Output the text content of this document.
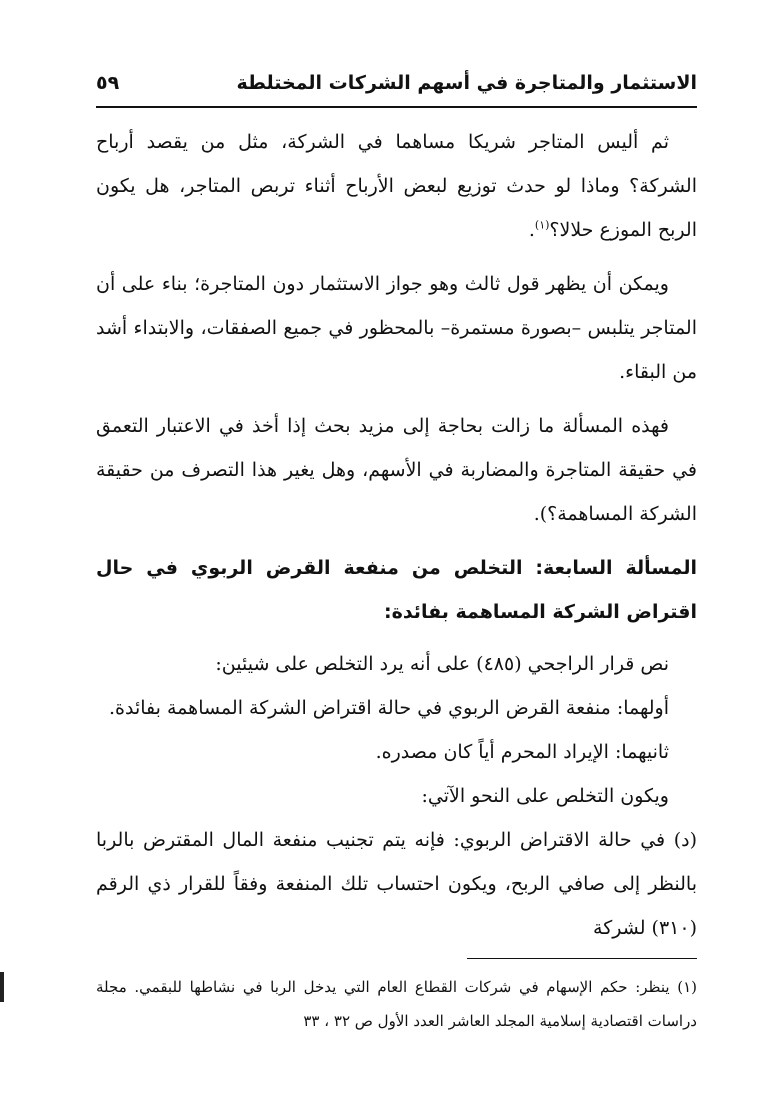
الاستثمار والمتاجرة في أسهم الشركات المختلطة
٥٩

ثم أليس المتاجر شريكا مساهما في الشركة، مثل من يقصد أرباح الشركة؟ وماذا لو حدث توزيع لبعض الأرباح أثناء تربص المتاجر، هل يكون الربح الموزع حلالا؟$^{(١)}$.

ويمكن أن يظهر قول ثالث وهو جواز الاستثمار دون المتاجرة؛ بناء على أن المتاجر يتلبس –بصورة مستمرة– بالمحظور في جميع الصفقات، والابتداء أشد من البقاء.

فهذه المسألة ما زالت بحاجة إلى مزيد بحث إذا أخذ في الاعتبار التعمق في حقيقة المتاجرة والمضاربة في الأسهم، وهل يغير هذا التصرف من حقيقة الشركة المساهمة؟).

المسألة السابعة: التخلص من منفعة القرض الربوي في حال اقتراض الشركة المساهمة بفائدة:

نص قرار الراجحي (٤٨٥) على أنه يرد التخلص على شيئين:

أولهما: منفعة القرض الربوي في حالة اقتراض الشركة المساهمة بفائدة.

ثانيهما: الإيراد المحرم أياً كان مصدره.

ويكون التخلص على النحو الآتي:

(د) في حالة الاقتراض الربوي: فإنه يتم تجنيب منفعة المال المقترض بالربا بالنظر إلى صافي الربح، ويكون احتساب تلك المنفعة وفقاً للقرار ذي الرقم (٣١٠) لشركة

(١) ينظر: حكم الإسهام في شركات القطاع العام التي يدخل الربا في نشاطها للبقمي. مجلة دراسات اقتصادية إسلامية المجلد العاشر العدد الأول ص ٣٢ ، ٣٣
